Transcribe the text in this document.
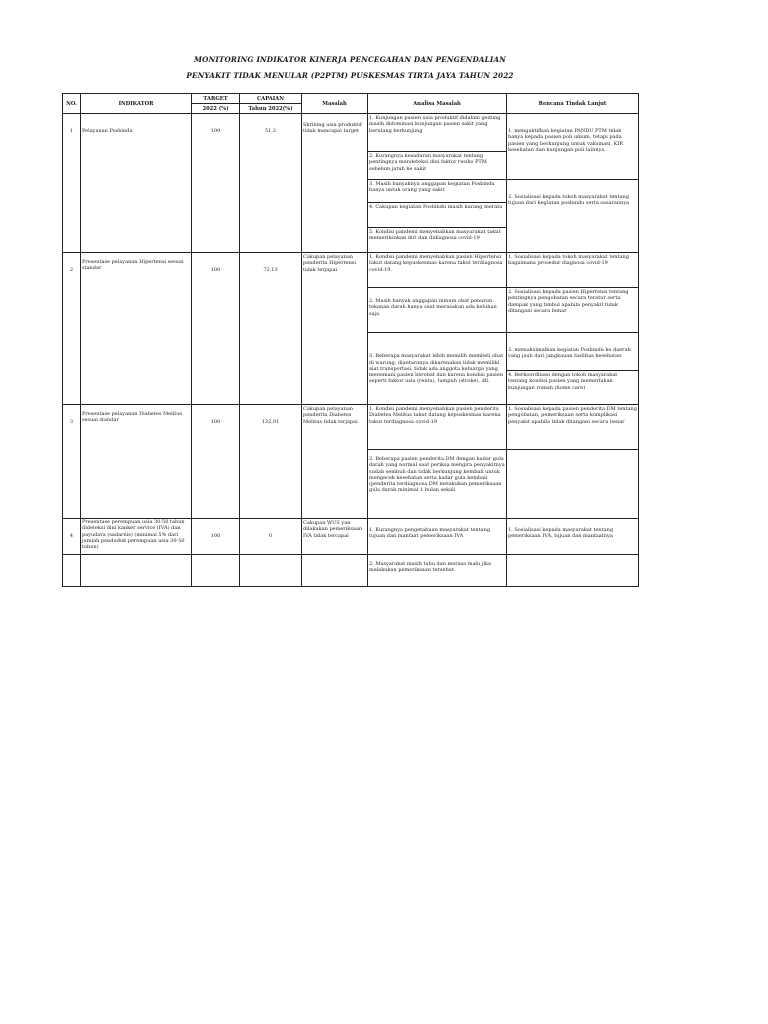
MONITORING INDIKATOR KINERJA PENCEGAHAN DAN PENGENDALIAN
PENYAKIT TIDAK MENULAR (P2PTM) PUSKESMAS TIRTA JAYA TAHUN 2022
NO.	INDIKATOR	TARGET	CAPAIAN	Masalah	Analisa Masalah	Rencana Tindak Lanjut
		2022 (%)	Tahun 2022(%)			
1	Pelayanan Posbindu	100	51,2	Skrining usia produktif tidak mencapai target	1. Kunjungan pasien usia produktif didalam gedung masih didominasi kunjungan pasien sakit yang berulang berkunjung	1. mengaktifkan kegiatan PANDU PTM tidak hanya kepada pasien poli umum, tetapi pada pasien yang berkunjung untuk vaksinasi, KIR kesehatan dan kunjungan poli lainnya
					2. Kurangnya kesadaran masyarakat tentang pentingnya mendeteksi dini faktor resiko PTM sebelum jatuh ke sakit	
					3. Masih banyaknya anggapan kegiatan Posbindu hanya untuk orang yang sakit	2. Sosialisasi kepada tokoh masyarakat tentang tujuan dari kegiatan posbindu serta sasarannya
					4. Cakupan kegiatan Posbindu masih kurang merata	
					5. Kondisi pandemi menyebabkan masyarakat takut memeriksakan diri dan didiagnosa covid-19	
2	Presentase pelayanan Hipertensi sesuai standar	100	72,13	Cakupan pelayanan penderita Hipertensi tidak terjapai	1. Kondisi pandemi menyebabkan pasien Hipertensi takut datang kepuskesmas karena takut terdiagnosa covid-19.	1. Sosialisasi kepada tokoh masyarakat tentang bagaimana prosedur diagnosa covid-19
					2. Masih banyak anggapan minum obat penurun tekanan darah hanya saat merasakan ada keluhan saja	2. Sosialisasi kepada pasien Hipertensi tentang pentingnya pengobatan secara teratur serta dampak yang timbul apabila penyakit tidak ditangani secara benar
					3. Beberapa masyarakat lebih memilih membeli obat di warung, diantaranya dikarenakan tidak memiliki alat transportasi, tidak ada anggota keluarga yang menemani pasien berobat dan karena kondisi pasien seperti faktor usia (renta), lumpuh (stroke), dll.	3. memaksimalkan kegiatan Posbindu ke daerah yang jauh dari jangkauan fasilitas kesehatan
						4. Berkoordinasi dengan tokoh masyarakat tentang kondisi pasien yang memerlukan kunjungan rumah (home care)
3	Presentase pelayanan Diabetes Melitus sesuai standar	100	132,01	Cakupan pelayanan penderita Diabetes Melitus tidak terjapai	1. Kondisi pandemi menyebabkan pasien penderita Diabetes Melitus takut datang kepuskesmas karena takut terdiagnosa covid-19	1. Sosialisasi kepada pasien penderita DM tentang pengobatan, pemeriksaan serta komplikasi penyakit apabila tidak ditangani secara benar
					2. Beberapa pasien penderita DM dengan kadar gula darah yang normal saat periksa mengira penyakitnya sudah sembuh dan tidak berkunjung kembali untuk mengecek kesehatan serta kadar gula kembali (penderita terdiagnosa DM melakukan pemeriksaan gula darah minimal 1 bulan sekali	
4	Presentase perempuan usia 30-50 tahun dideteksi dini kanker service (IVA) dan payudara (sadarnis) (minimal 5% dari jumlah penduduk perempuan usia 30-50 tahun)	100	0	Cakupan WUS yan dilakukan pemeriksaan IVA tidak tercapai	1. Kurangnya pengetahuan masyarakat tentang tujuan dan manfaat pemeriksaan IVA	1. Sosialisasi kepada masyarakat tentang pemeriksaan IVA, tujuan dan manfaatnya
					2. Masyarakat masih tabu dan merasa malu jika melakukan pemeriksaan tersebut.	
